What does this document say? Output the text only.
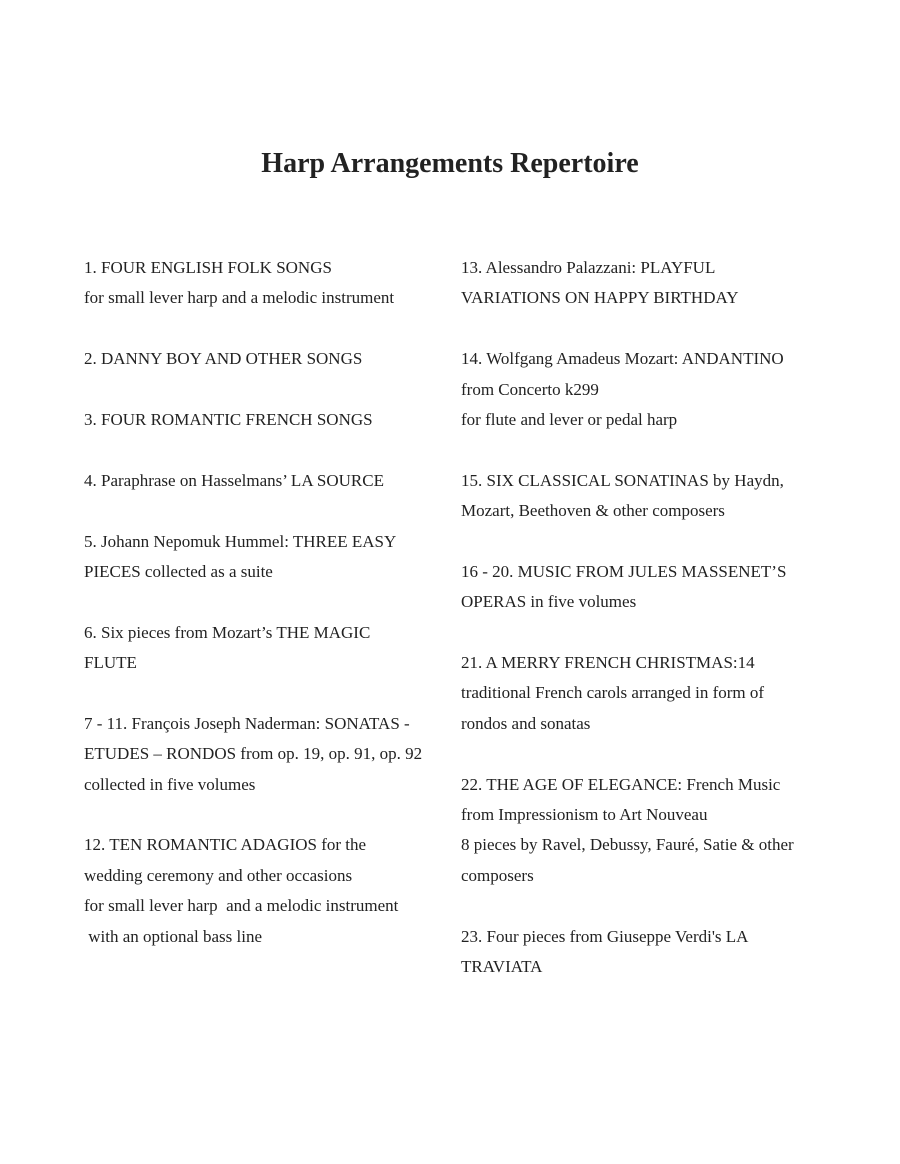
Harp Arrangements Repertoire
1. FOUR ENGLISH FOLK SONGS
for small lever harp and a melodic instrument
2. DANNY BOY AND OTHER SONGS
3. FOUR ROMANTIC FRENCH SONGS
4. Paraphrase on Hasselmans’ LA SOURCE
5. Johann Nepomuk Hummel: THREE EASY
PIECES collected as a suite
6. Six pieces from Mozart’s THE MAGIC
FLUTE
7 - 11. François Joseph Naderman: SONATAS -
ETUDES – RONDOS from op. 19, op. 91, op. 92
collected in five volumes
12. TEN ROMANTIC ADAGIOS for the
wedding ceremony and other occasions
for small lever harp  and a melodic instrument
with an optional bass line
13. Alessandro Palazzani: PLAYFUL
VARIATIONS ON HAPPY BIRTHDAY
14. Wolfgang Amadeus Mozart: ANDANTINO
from Concerto k299
for flute and lever or pedal harp
15. SIX CLASSICAL SONATINAS by Haydn,
Mozart, Beethoven & other composers
16 - 20. MUSIC FROM JULES MASSENET’S
OPERAS in five volumes
21. A MERRY FRENCH CHRISTMAS:14
traditional French carols arranged in form of
rondos and sonatas
22. THE AGE OF ELEGANCE: French Music
from Impressionism to Art Nouveau
8 pieces by Ravel, Debussy, Fauré, Satie & other
composers
23. Four pieces from Giuseppe Verdi's LA
TRAVIATA
